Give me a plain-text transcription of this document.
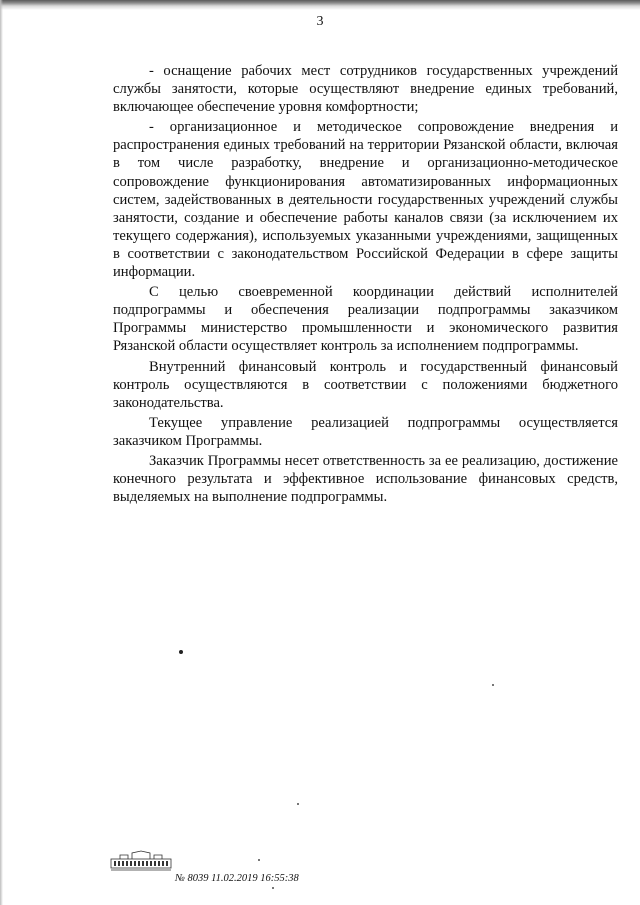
3

- оснащение рабочих мест сотрудников государственных учреждений службы занятости, которые осуществляют внедрение единых требований, включающее обеспечение уровня комфортности;

- организационное и методическое сопровождение внедрения и распространения единых требований на территории Рязанской области, включая в том числе разработку, внедрение и организационно-методическое сопровождение функционирования автоматизированных информационных систем, задействованных в деятельности государственных учреждений службы занятости, создание и обеспечение работы каналов связи (за исключением их текущего содержания), используемых указанными учреждениями, защищенных в соответствии с законодательством Российской Федерации в сфере защиты информации.

С целью своевременной координации действий исполнителей подпрограммы и обеспечения реализации подпрограммы заказчиком Программы министерство промышленности и экономического развития Рязанской области осуществляет контроль за исполнением подпрограммы.

Внутренний финансовый контроль и государственный финансовый контроль осуществляются в соответствии с положениями бюджетного законодательства.

Текущее управление реализацией подпрограммы осуществляется заказчиком Программы.

Заказчик Программы несет ответственность за ее реализацию, достижение конечного результата и эффективное использование финансовых средств, выделяемых на выполнение подпрограммы.

№ 8039 11.02.2019 16:55:38
